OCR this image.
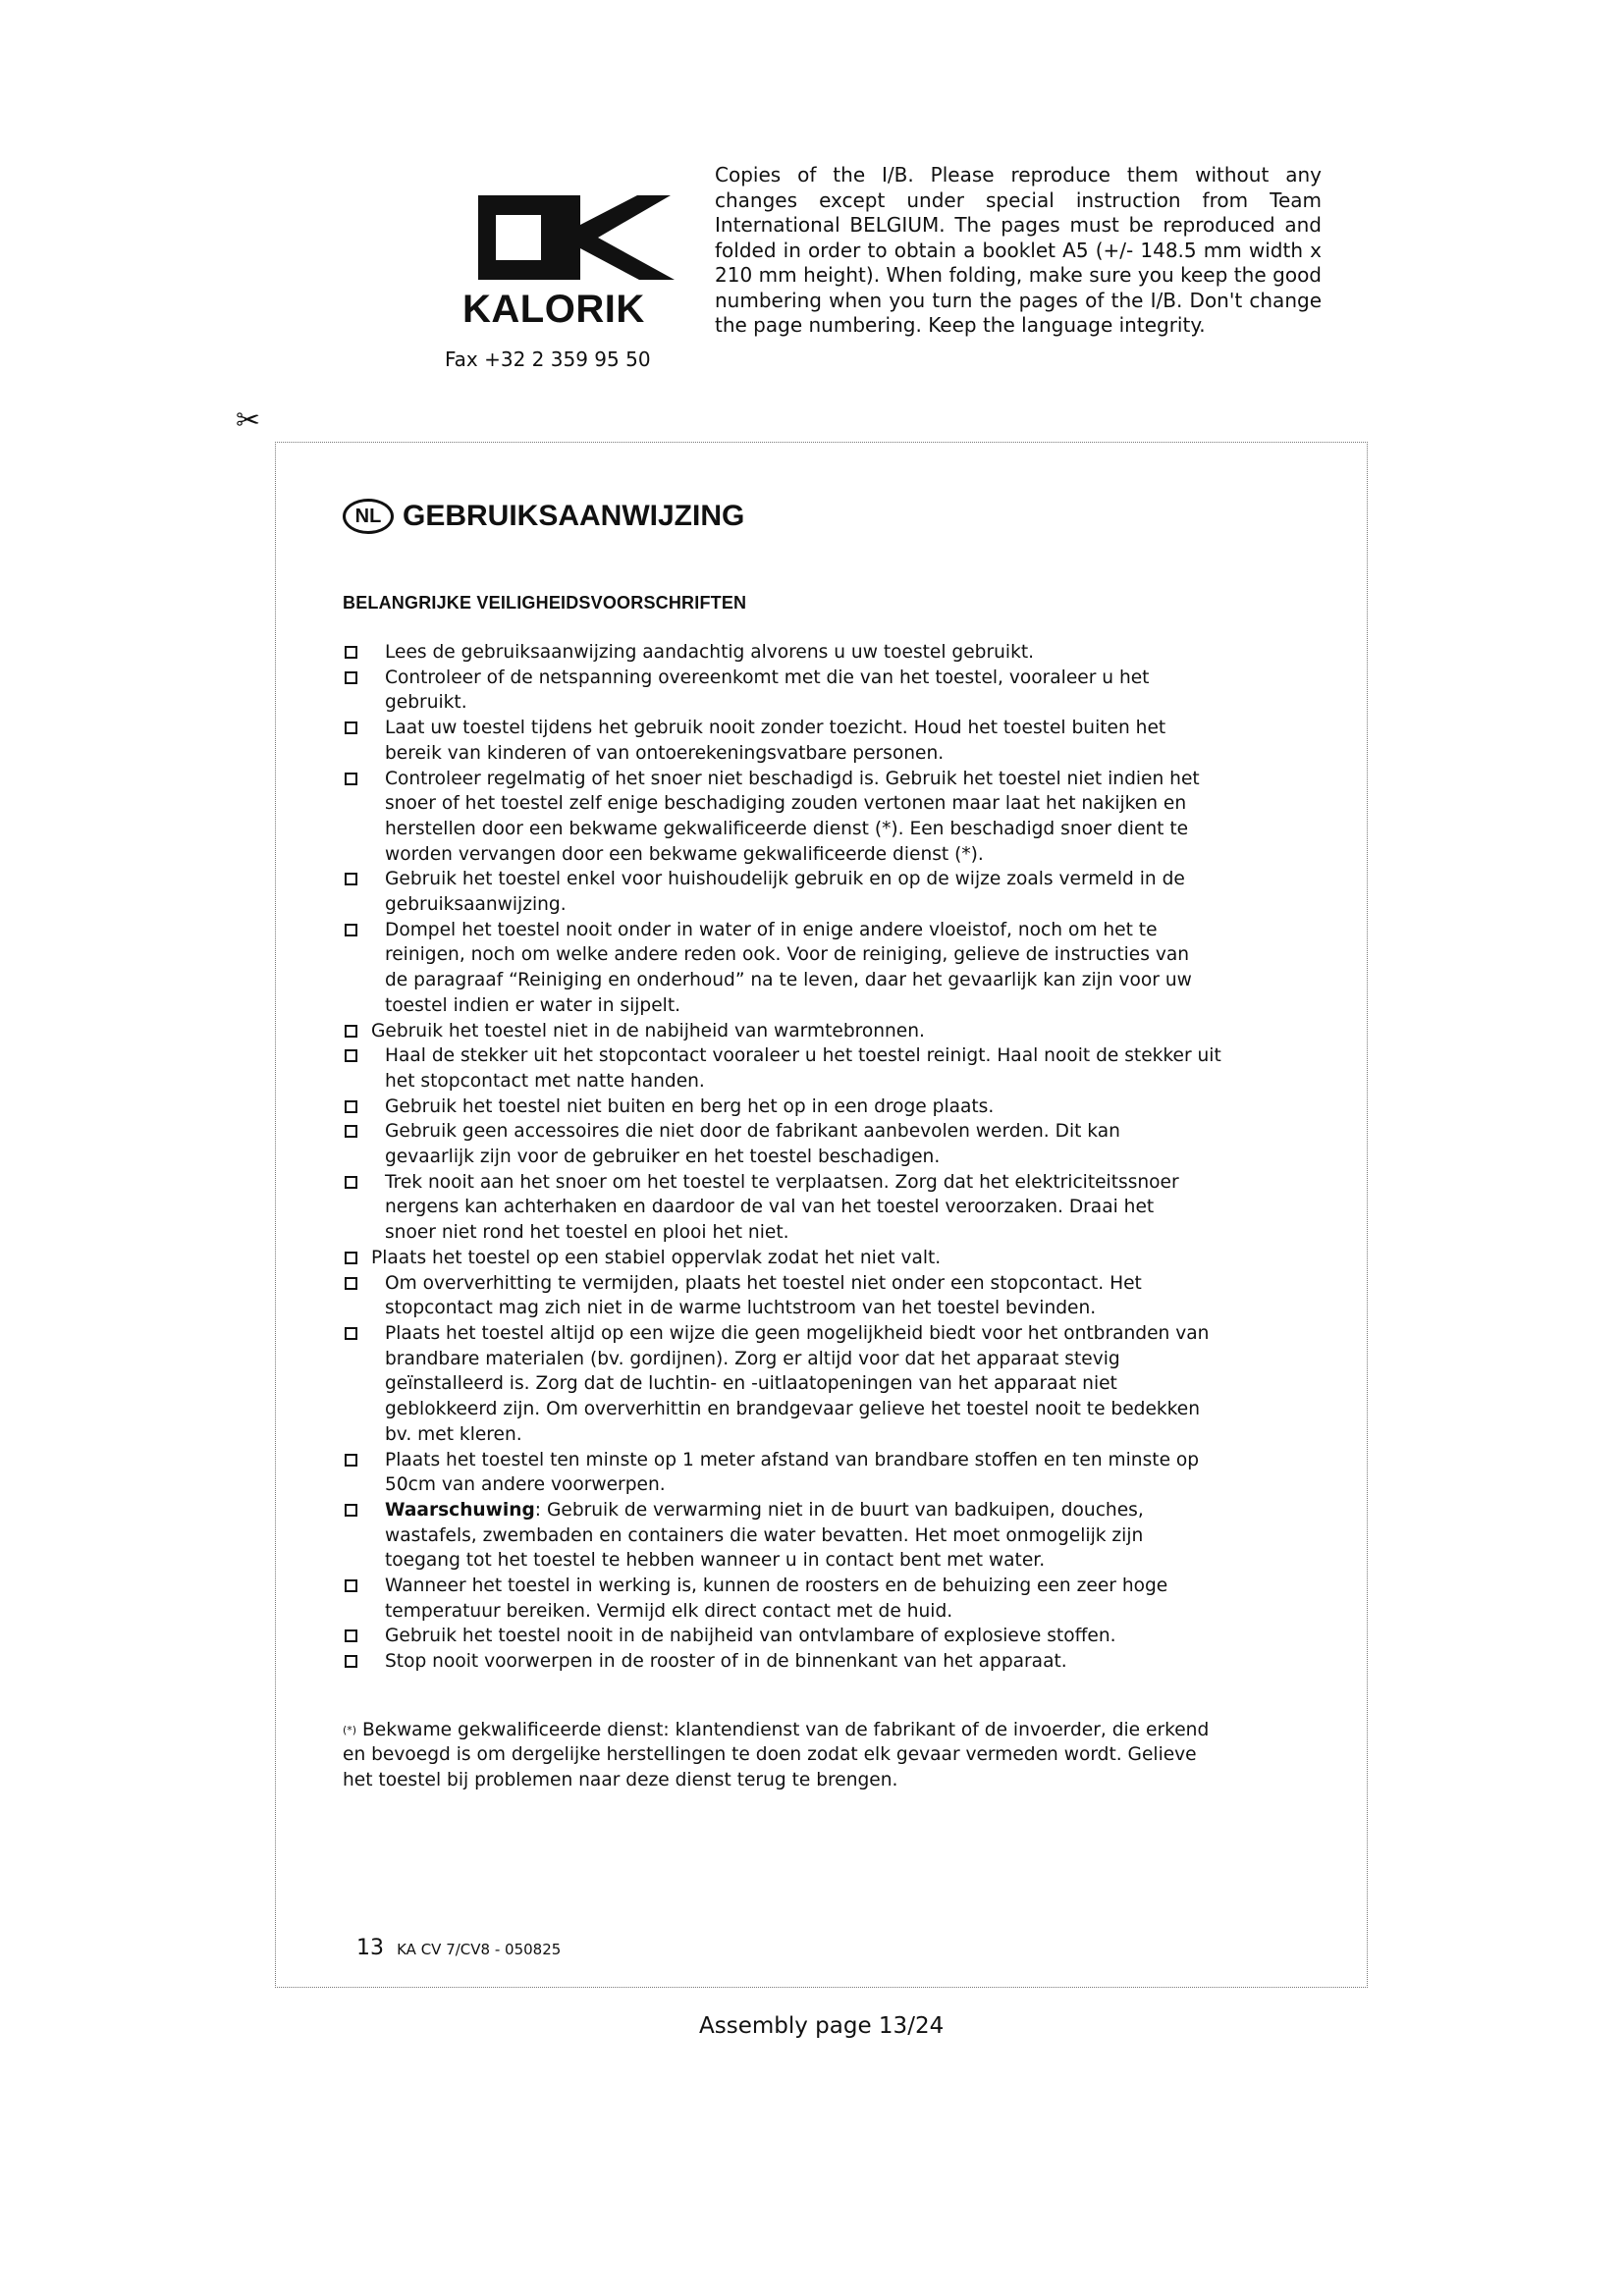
KALORIK
Fax +32 2 359 95 50
Copies of the I/B. Please reproduce them without any changes except under special instruction from Team International BELGIUM. The pages must be reproduced and folded in order to obtain a booklet A5 (+/- 148.5 mm width x 210 mm height). When folding, make sure you keep the good numbering when you turn the pages of the I/B. Don't change the page numbering. Keep the language integrity.
✂
NL GEBRUIKSAANWIJZING
BELANGRIJKE VEILIGHEIDSVOORSCHRIFTEN
Lees de gebruiksaanwijzing aandachtig alvorens u uw toestel gebruikt.
Controleer of de netspanning overeenkomt met die van het toestel, vooraleer u het
gebruikt.
Laat uw toestel tijdens het gebruik nooit zonder toezicht. Houd het toestel buiten het
bereik van kinderen of van ontoerekeningsvatbare personen.
Controleer regelmatig of het snoer niet beschadigd is. Gebruik het toestel niet indien het
snoer of het toestel zelf enige beschadiging zouden vertonen maar laat het nakijken en
herstellen door een bekwame gekwalificeerde dienst (*). Een beschadigd snoer dient te
worden vervangen door een bekwame gekwalificeerde dienst (*).
Gebruik het toestel enkel voor huishoudelijk gebruik en op de wijze zoals vermeld in de
gebruiksaanwijzing.
Dompel het toestel nooit onder in water of in enige andere vloeistof, noch om het te
reinigen, noch om welke andere reden ook. Voor de reiniging, gelieve de instructies van
de paragraaf “Reiniging en onderhoud” na te leven, daar het gevaarlijk kan zijn voor uw
toestel indien er water in sijpelt.
Gebruik het toestel niet in de nabijheid van warmtebronnen.
Haal de stekker uit het stopcontact vooraleer u het toestel reinigt. Haal nooit de stekker uit
het stopcontact met natte handen.
Gebruik het toestel niet buiten en berg het op in een droge plaats.
Gebruik geen accessoires die niet door de fabrikant aanbevolen werden. Dit kan
gevaarlijk zijn voor de gebruiker en het toestel beschadigen.
Trek nooit aan het snoer om het toestel te verplaatsen. Zorg dat het elektriciteitssnoer
nergens kan achterhaken en daardoor de val van het toestel veroorzaken. Draai het
snoer niet rond het toestel en plooi het niet.
Plaats het toestel op een stabiel oppervlak zodat het niet valt.
Om oververhitting te vermijden, plaats het toestel niet onder een stopcontact. Het
stopcontact mag zich niet in de warme luchtstroom van het toestel bevinden.
Plaats het toestel altijd op een wijze die geen mogelijkheid biedt voor het ontbranden van
brandbare materialen (bv. gordijnen). Zorg er altijd voor dat het apparaat stevig
geïnstalleerd is. Zorg dat de luchtin- en -uitlaatopeningen van het apparaat niet
geblokkeerd zijn. Om oververhittin en brandgevaar gelieve het toestel nooit te bedekken
bv. met kleren.
Plaats het toestel ten minste op 1 meter afstand van brandbare stoffen en ten minste op
50cm van andere voorwerpen.
Waarschuwing: Gebruik de verwarming niet in de buurt van badkuipen, douches,
wastafels, zwembaden en containers die water bevatten. Het moet onmogelijk zijn
toegang tot het toestel te hebben wanneer u in contact bent met water.
Wanneer het toestel in werking is, kunnen de roosters en de behuizing een zeer hoge
temperatuur bereiken. Vermijd elk direct contact met de huid.
Gebruik het toestel nooit in de nabijheid van ontvlambare of explosieve stoffen.
Stop nooit voorwerpen in de rooster of in de binnenkant van het apparaat.
(*) Bekwame gekwalificeerde dienst: klantendienst van de fabrikant of de invoerder, die erkend
en bevoegd is om dergelijke herstellingen te doen zodat elk gevaar vermeden wordt. Gelieve
het toestel bij problemen naar deze dienst terug te brengen.
13 KA CV 7/CV8 - 050825
Assembly page 13/24
